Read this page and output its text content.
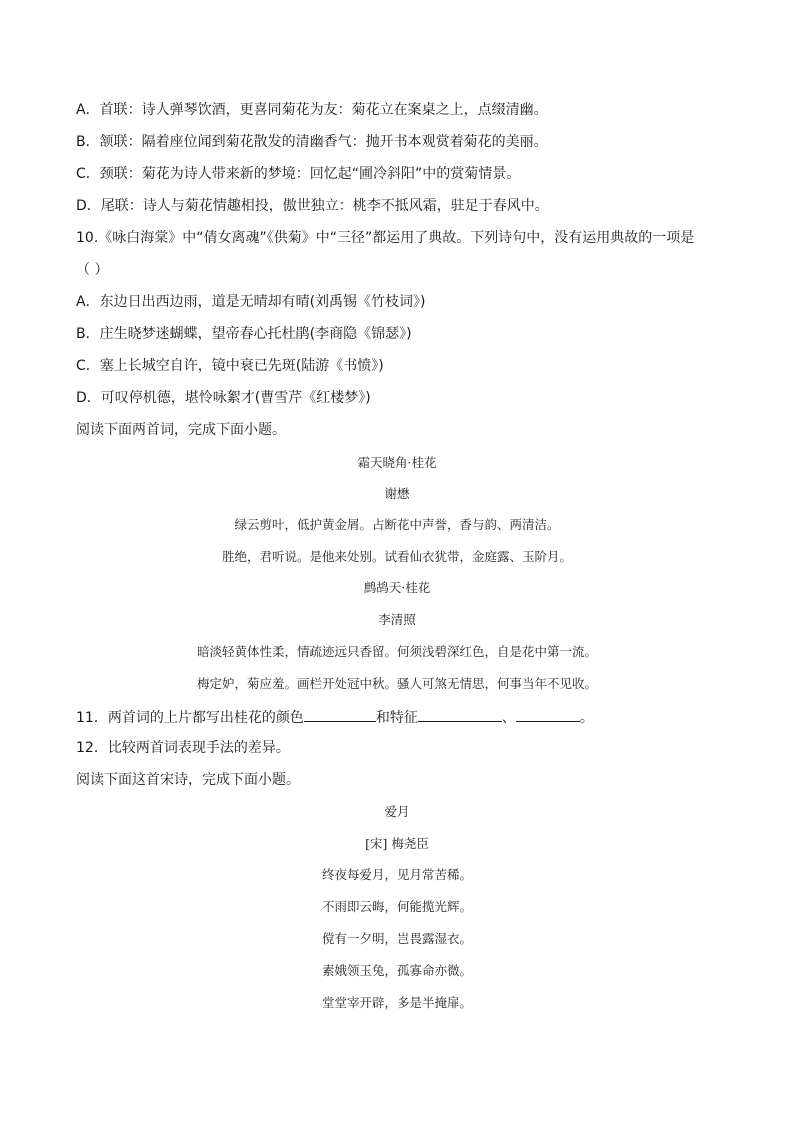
A．首联：诗人弹琴饮酒，更喜同菊花为友：菊花立在案桌之上，点缀清幽。
B．颔联：隔着座位闻到菊花散发的清幽香气：抛开书本观赏着菊花的美丽。
C．颈联：菊花为诗人带来新的梦境：回忆起“圃冷斜阳”中的赏菊情景。
D．尾联：诗人与菊花情趣相投，傲世独立：桃李不抵风霜，驻足于春风中。
10.《咏白海棠》中“倩女离魂”《供菊》中“三径”都运用了典故。下列诗句中，没有运用典故的一项是
（ ）
A．东边日出西边雨，道是无晴却有晴(刘禹锡《竹枝词》)
B．庄生晓梦迷蝴蝶，望帝春心托杜鹃(李商隐《锦瑟》)
C．塞上长城空自许，镜中衰已先斑(陆游《书愤》)
D．可叹停机德，堪怜咏絮才(曹雪芹《红楼梦》)
阅读下面两首词，完成下面小题。
霜天晓角·桂花
谢懋
绿云剪叶，低护黄金屑。占断花中声誉，香与韵、两清洁。
胜绝，君听说。是他来处别。试看仙衣犹带，金庭露、玉阶月。
鹧鸪天·桂花
李清照
暗淡轻黄体性柔，情疏迹远只香留。何须浅碧深红色，自是花中第一流。
梅定妒，菊应羞。画栏开处冠中秋。骚人可煞无情思，何事当年不见收。
11．两首词的上片都写出桂花的颜色	和特征	、	。
12．比较两首词表现手法的差异。
阅读下面这首宋诗，完成下面小题。
爱月
[宋] 梅尧臣
终夜每爱月，见月常苦稀。
不雨即云晦，何能揽光辉。
傥有一夕明，岂畏露湿衣。
素娥领玉兔，孤寡命亦微。
堂堂宰开辟，多是半掩扉。
